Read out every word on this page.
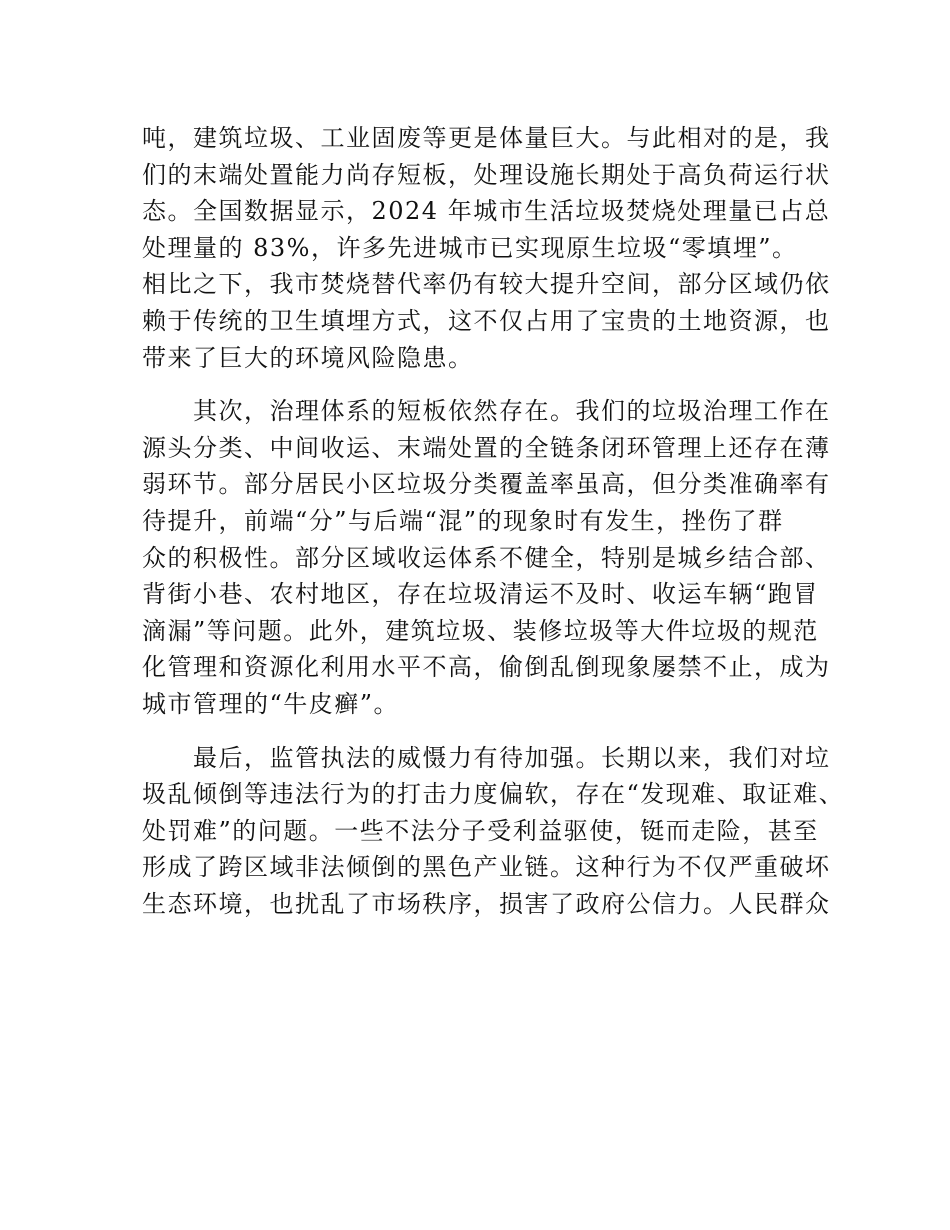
吨，建筑垃圾、工业固废等更是体量巨大。与此相对的是，我
们的末端处置能力尚存短板，处理设施长期处于高负荷运行状
态。全国数据显示，2024 年城市生活垃圾焚烧处理量已占总
处理量的 83%，许多先进城市已实现原生垃圾“零填埋”。
相比之下，我市焚烧替代率仍有较大提升空间，部分区域仍依
赖于传统的卫生填埋方式，这不仅占用了宝贵的土地资源，也
带来了巨大的环境风险隐患。
　　其次，治理体系的短板依然存在。我们的垃圾治理工作在
源头分类、中间收运、末端处置的全链条闭环管理上还存在薄
弱环节。部分居民小区垃圾分类覆盖率虽高，但分类准确率有
待提升，前端“分”与后端“混”的现象时有发生，挫伤了群
众的积极性。部分区域收运体系不健全，特别是城乡结合部、
背街小巷、农村地区，存在垃圾清运不及时、收运车辆“跑冒
滴漏”等问题。此外，建筑垃圾、装修垃圾等大件垃圾的规范
化管理和资源化利用水平不高，偷倒乱倒现象屡禁不止，成为
城市管理的“牛皮癣”。
　　最后，监管执法的威慑力有待加强。长期以来，我们对垃
圾乱倾倒等违法行为的打击力度偏软，存在“发现难、取证难、
处罚难”的问题。一些不法分子受利益驱使，铤而走险，甚至
形成了跨区域非法倾倒的黑色产业链。这种行为不仅严重破坏
生态环境，也扰乱了市场秩序，损害了政府公信力。人民群众
